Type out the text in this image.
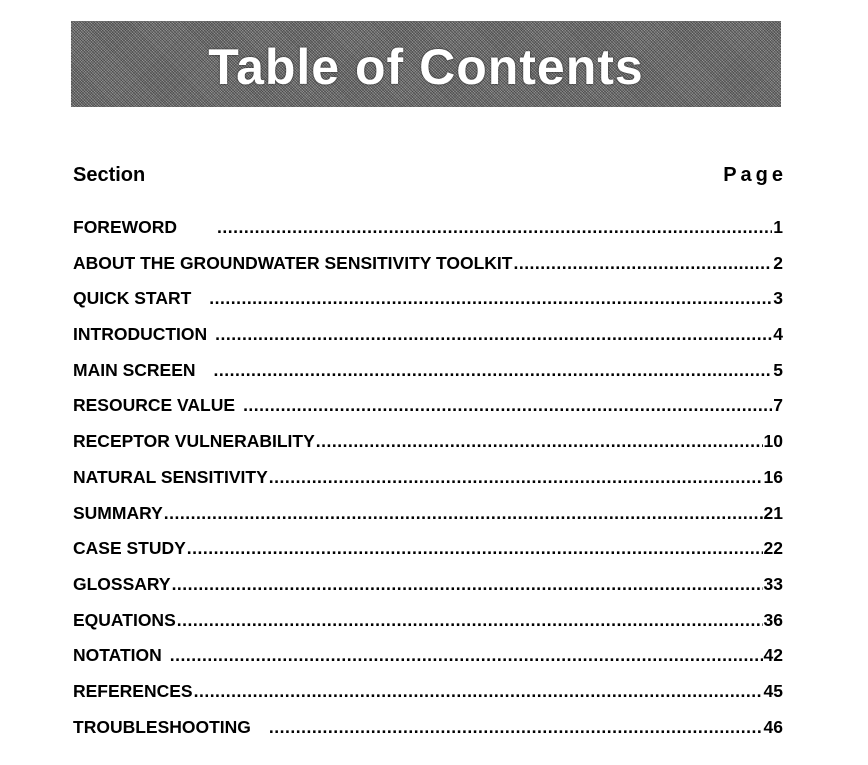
Table of Contents
Section	Page
FOREWORD .....	1
ABOUT THE GROUNDWATER SENSITIVITY TOOLKIT .....	2
QUICK START .....	3
INTRODUCTION .....	4
MAIN SCREEN .....	5
RESOURCE VALUE .....	7
RECEPTOR VULNERABILITY .....	10
NATURAL SENSITIVITY .....	16
SUMMARY .....	21
CASE STUDY .....	22
GLOSSARY .....	33
EQUATIONS .....	36
NOTATION .....	42
REFERENCES .....	45
TROUBLESHOOTING .....	46
